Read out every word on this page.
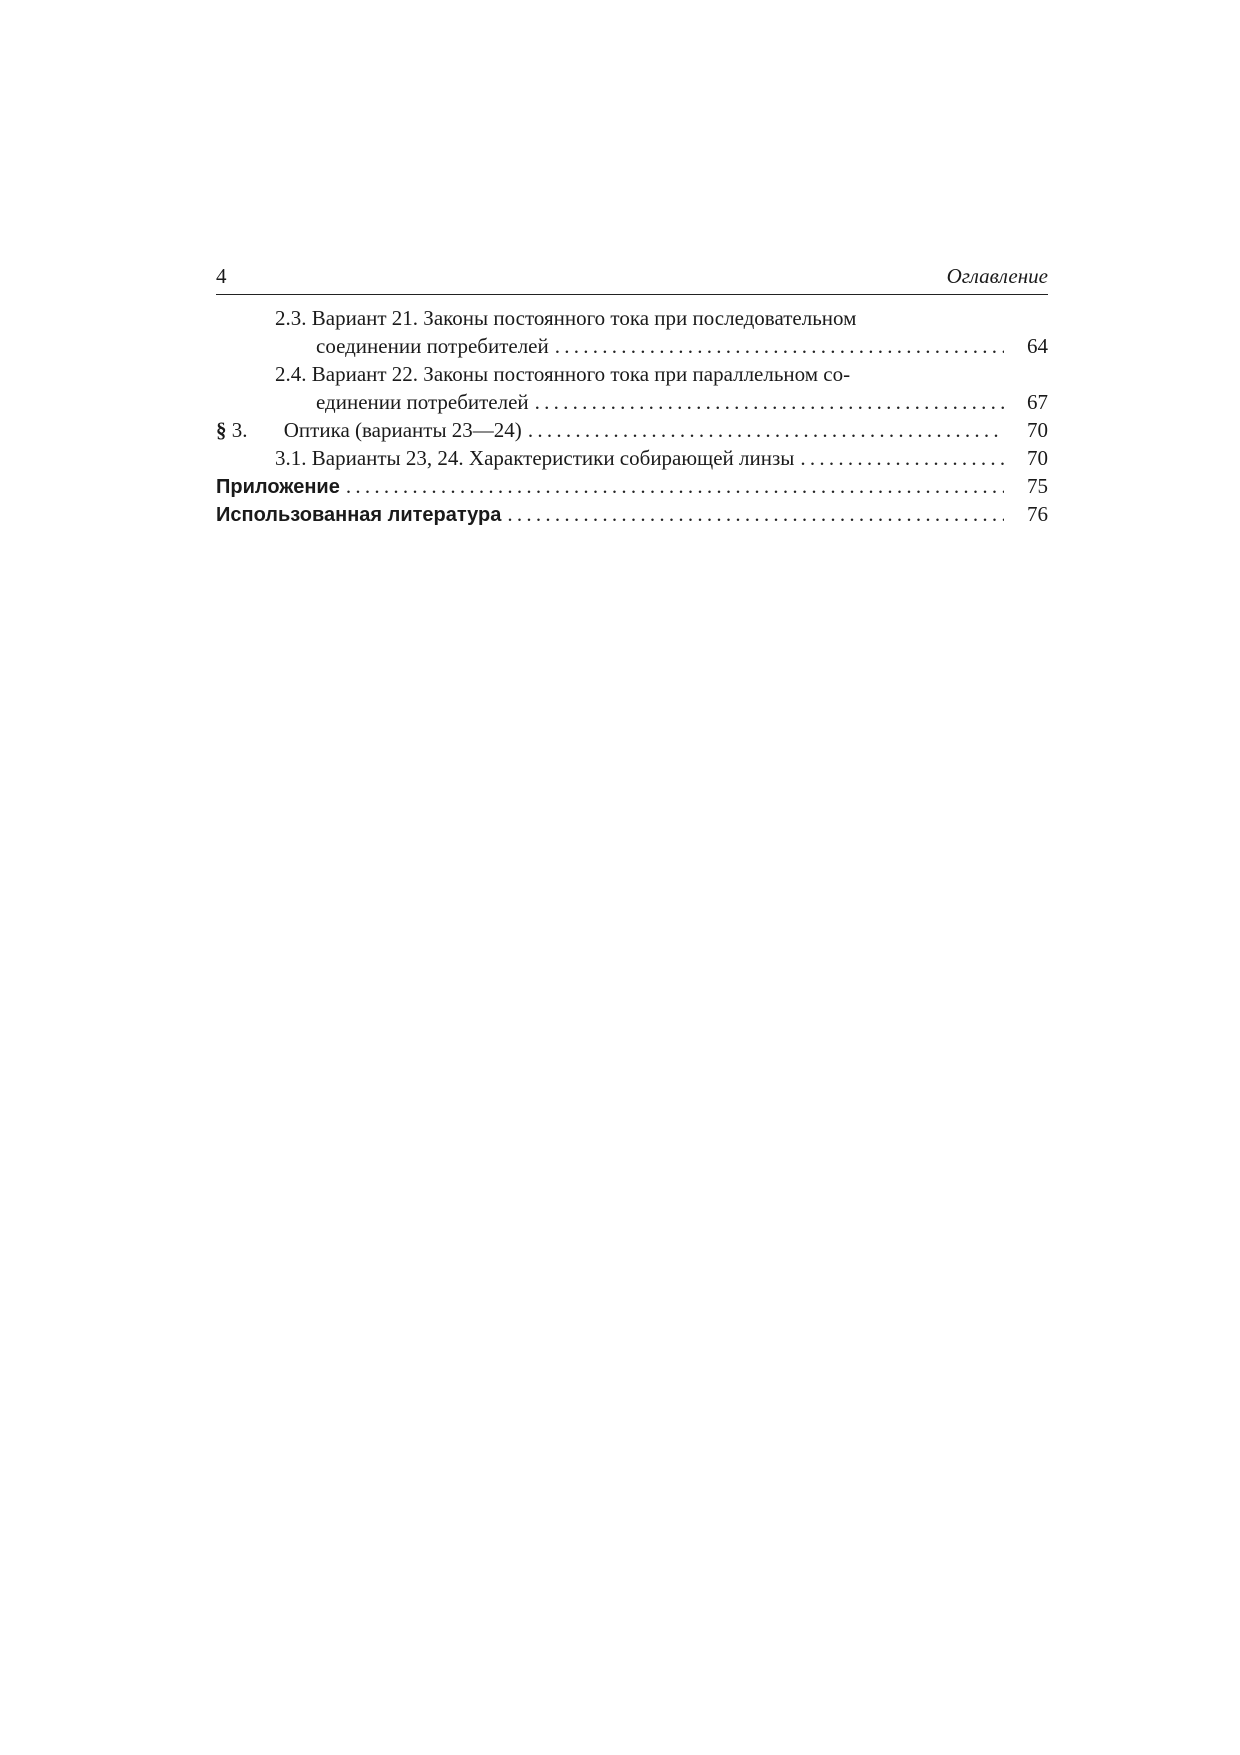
4	Оглавление
2.3. Вариант 21. Законы постоянного тока при последовательном
соединении потребителей . . .	64
2.4. Вариант 22. Законы постоянного тока при параллельном со-
единении потребителей . . .	67
§ 3. Оптика (варианты 23—24) . . .	70
3.1. Варианты 23, 24. Характеристики собирающей линзы . . .	70
Приложение . . .	75
Использованная литература . . .	76
